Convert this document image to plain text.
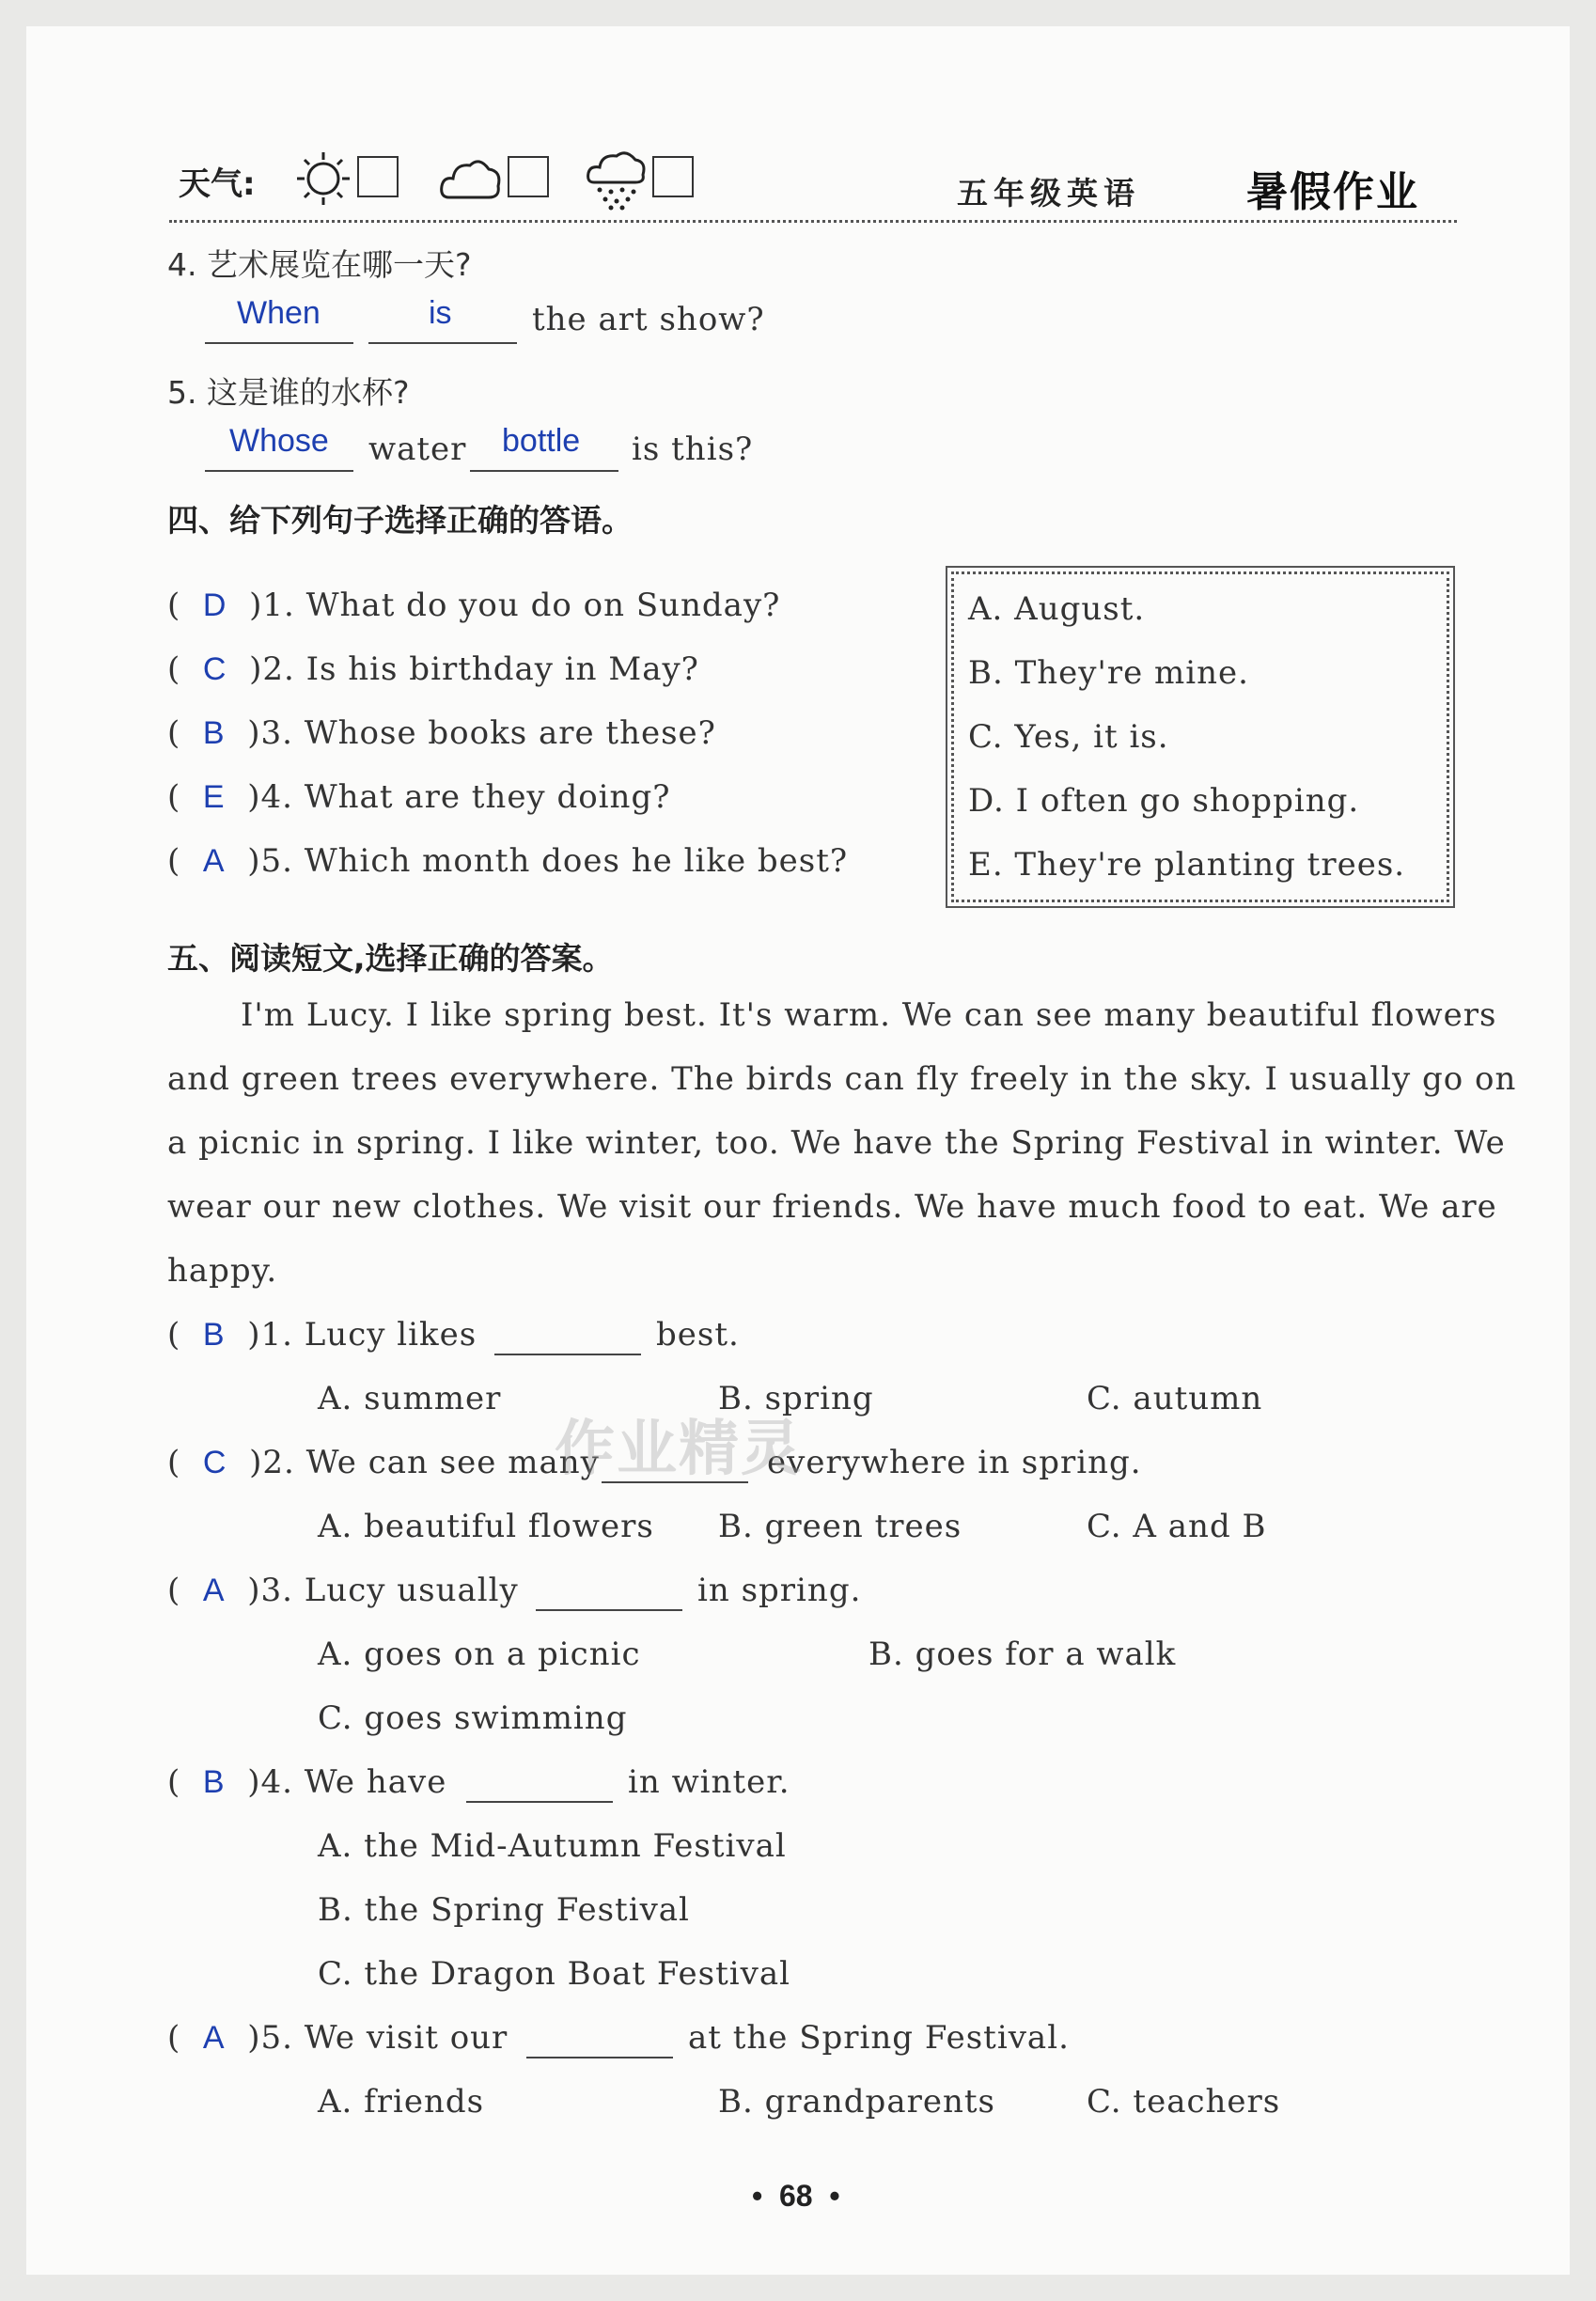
天气:	五年级英语	暑假作业
4. 艺术展览在哪一天?
When	is	the art show?
5. 这是谁的水杯?
Whose water bottle is this?
四、给下列句子选择正确的答语。
(  D )1. What do you do on Sunday?
(  C )2. Is his birthday in May?
(  B )3. Whose books are these?
(  E )4. What are they doing?
(  A )5. Which month does he like best?
A. August.
B. They're mine.
C. Yes, it is.
D. I often go shopping.
E. They're planting trees.
五、阅读短文,选择正确的答案。
I'm Lucy. I like spring best. It's warm. We can see many beautiful flowers
and green trees everywhere. The birds can fly freely in the sky. I usually go on
a picnic in spring. I like winter, too. We have the Spring Festival in winter. We
wear our new clothes. We visit our friends. We have much food to eat. We are
happy.
(  B )1. Lucy likes	best.
A. summer	B. spring	C. autumn
(  C )2. We can see many	everywhere in spring.
A. beautiful flowers B. green trees	C. A and B
(  A )3. Lucy usually	in spring.
A. goes on a picnic	B. goes for a walk
C. goes swimming
(  B )4. We have	in winter.
A. the Mid-Autumn Festival
B. the Spring Festival
C. the Dragon Boat Festival
(  A )5. We visit our	at the Spring Festival.
A. friends	B. grandparents	C. teachers
作业精灵
•  68  •
